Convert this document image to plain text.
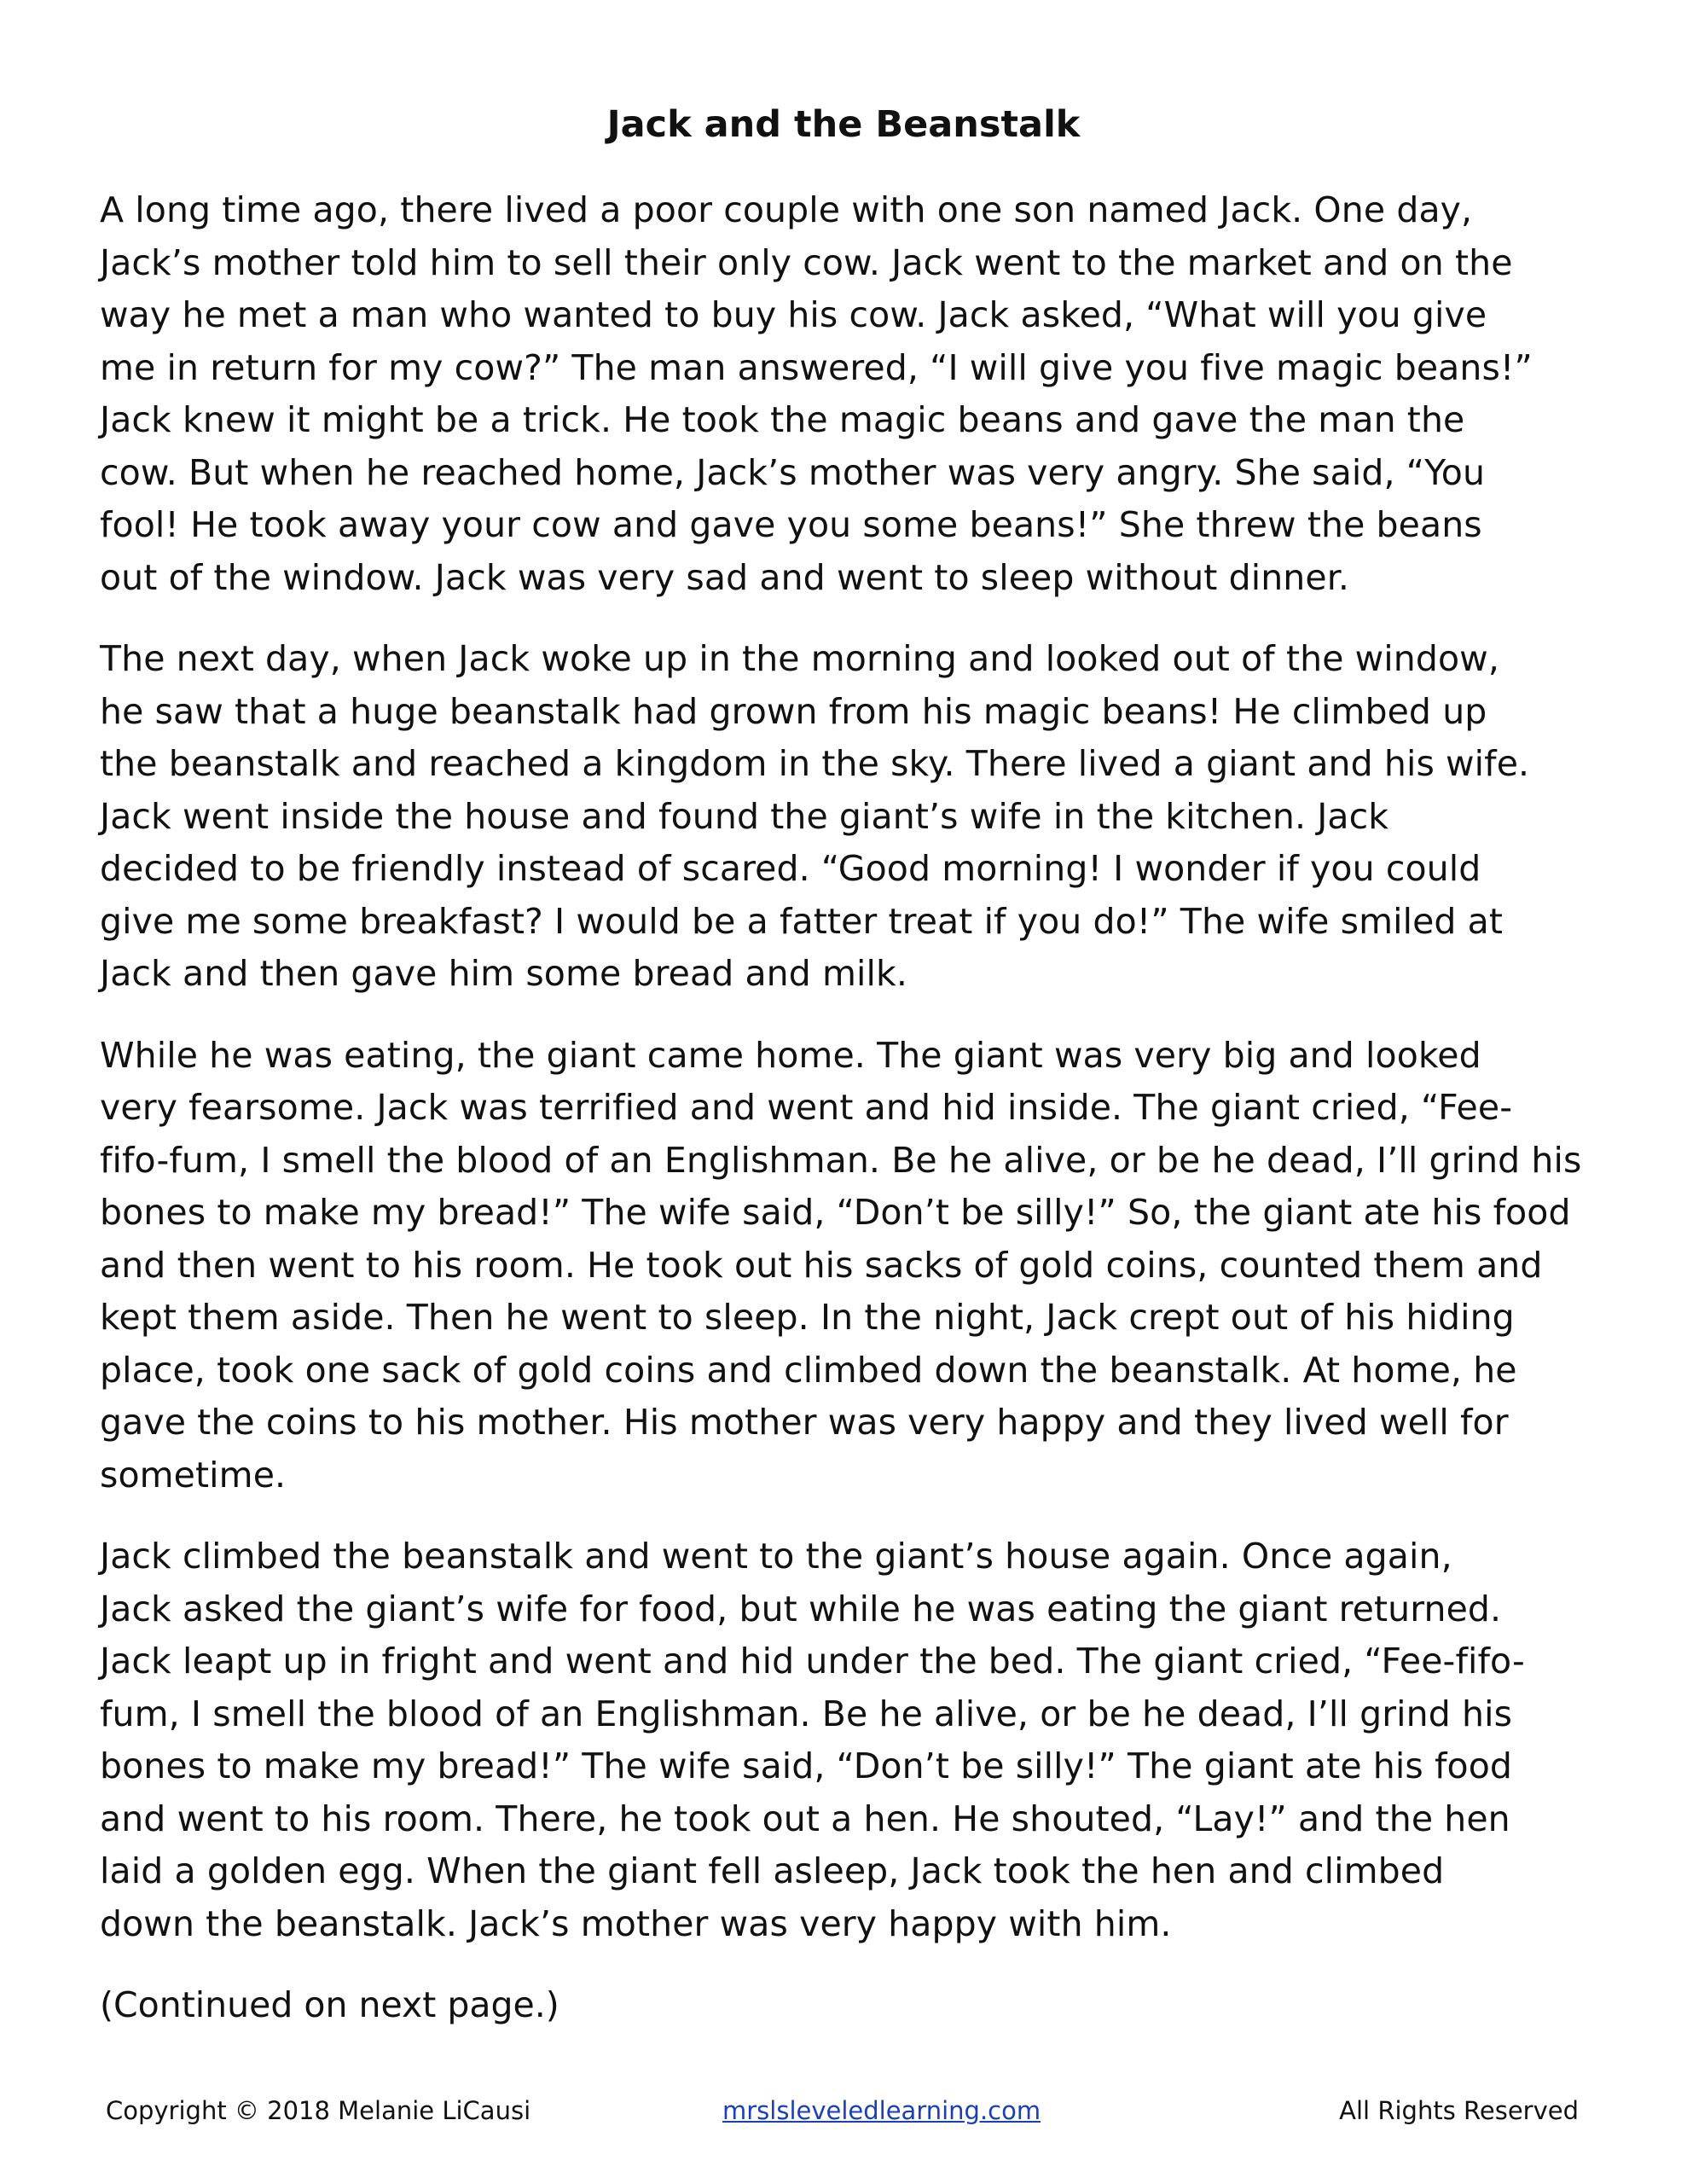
Jack and the Beanstalk

A long time ago, there lived a poor couple with one son named Jack. One day,
Jack’s mother told him to sell their only cow. Jack went to the market and on the
way he met a man who wanted to buy his cow. Jack asked, “What will you give
me in return for my cow?” The man answered, “I will give you five magic beans!”
Jack knew it might be a trick. He took the magic beans and gave the man the
cow. But when he reached home, Jack’s mother was very angry. She said, “You
fool! He took away your cow and gave you some beans!” She threw the beans
out of the window. Jack was very sad and went to sleep without dinner.

The next day, when Jack woke up in the morning and looked out of the window,
he saw that a huge beanstalk had grown from his magic beans! He climbed up
the beanstalk and reached a kingdom in the sky. There lived a giant and his wife.
Jack went inside the house and found the giant’s wife in the kitchen. Jack
decided to be friendly instead of scared. “Good morning! I wonder if you could
give me some breakfast? I would be a fatter treat if you do!” The wife smiled at
Jack and then gave him some bread and milk.

While he was eating, the giant came home. The giant was very big and looked
very fearsome. Jack was terrified and went and hid inside. The giant cried, “Fee-
fifo-fum, I smell the blood of an Englishman. Be he alive, or be he dead, I’ll grind his
bones to make my bread!” The wife said, “Don’t be silly!” So, the giant ate his food
and then went to his room. He took out his sacks of gold coins, counted them and
kept them aside. Then he went to sleep. In the night, Jack crept out of his hiding
place, took one sack of gold coins and climbed down the beanstalk. At home, he
gave the coins to his mother. His mother was very happy and they lived well for
sometime.

Jack climbed the beanstalk and went to the giant’s house again. Once again,
Jack asked the giant’s wife for food, but while he was eating the giant returned.
Jack leapt up in fright and went and hid under the bed. The giant cried, “Fee-fifo-
fum, I smell the blood of an Englishman. Be he alive, or be he dead, I’ll grind his
bones to make my bread!” The wife said, “Don’t be silly!” The giant ate his food
and went to his room. There, he took out a hen. He shouted, “Lay!” and the hen
laid a golden egg. When the giant fell asleep, Jack took the hen and climbed
down the beanstalk. Jack’s mother was very happy with him.

(Continued on next page.)

Copyright © 2018 Melanie LiCausi	mrslsleveledlearning.com	All Rights Reserved
